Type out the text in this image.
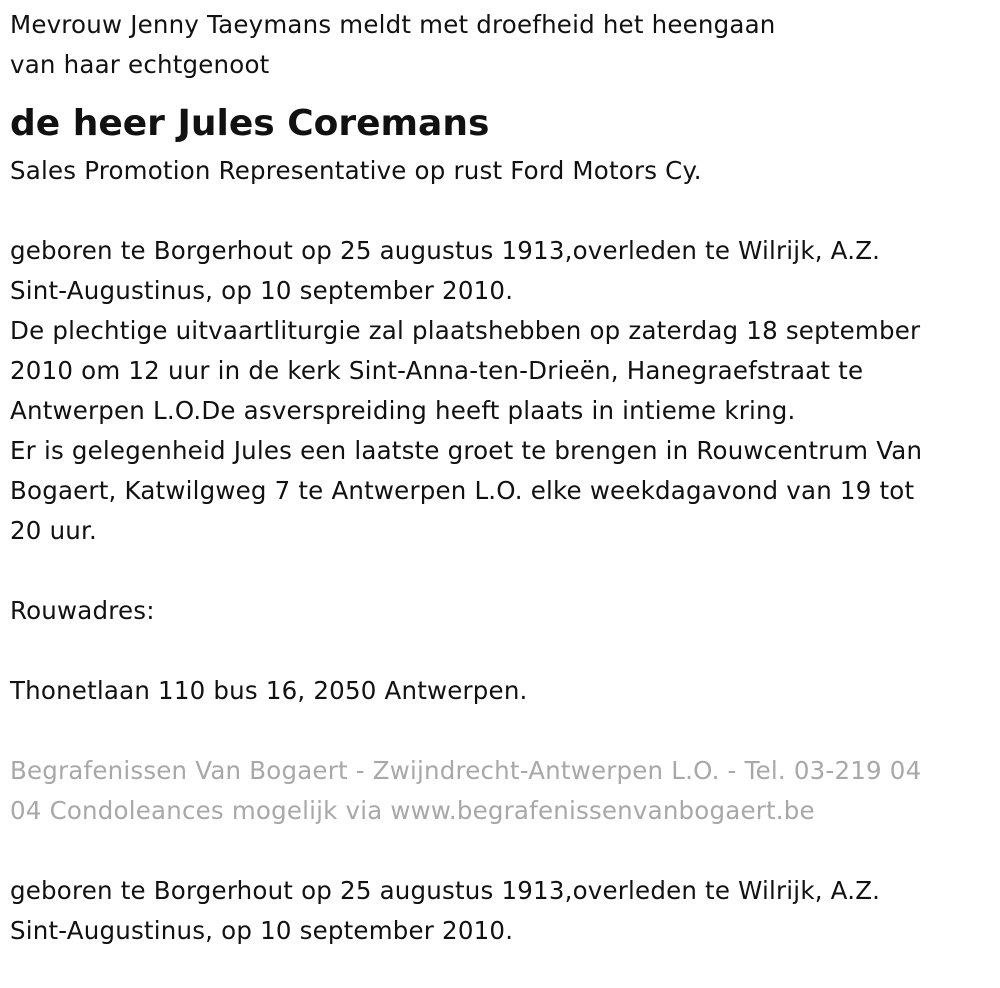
Mevrouw Jenny Taeymans meldt met droefheid het heengaan
van haar echtgenoot
de heer Jules Coremans
Sales Promotion Representative op rust Ford Motors Cy.
geboren te Borgerhout op 25 augustus 1913,overleden te Wilrijk, A.Z.
Sint-Augustinus, op 10 september 2010.
De plechtige uitvaartliturgie zal plaatshebben op zaterdag 18 september
2010 om 12 uur in de kerk Sint-Anna-ten-Drieën, Hanegraefstraat te
Antwerpen L.O.De asverspreiding heeft plaats in intieme kring.
Er is gelegenheid Jules een laatste groet te brengen in Rouwcentrum Van
Bogaert, Katwilgweg 7 te Antwerpen L.O. elke weekdagavond van 19 tot
20 uur.
Rouwadres:
Thonetlaan 110 bus 16, 2050 Antwerpen.
Begrafenissen Van Bogaert - Zwijndrecht-Antwerpen L.O. - Tel. 03-219 04
04 Condoleances mogelijk via www.begrafenissenvanbogaert.be
geboren te Borgerhout op 25 augustus 1913,overleden te Wilrijk, A.Z.
Sint-Augustinus, op 10 september 2010.
